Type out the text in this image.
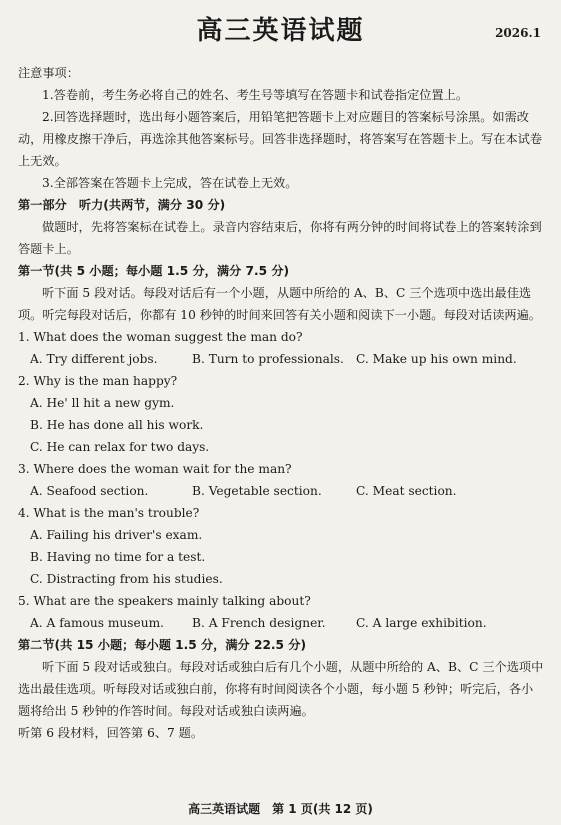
高三英语试题	2026.1

注意事项：

1.答卷前，考生务必将自己的姓名、考生号等填写在答题卡和试卷指定位置上。

2.回答选择题时，选出每小题答案后，用铅笔把答题卡上对应题目的答案标号涂黑。如需改动，用橡皮擦干净后，再选涂其他答案标号。回答非选择题时，将答案写在答题卡上。写在本试卷上无效。

3.全部答案在答题卡上完成，答在试卷上无效。

第一部分　听力(共两节，满分 30 分)

做题时，先将答案标在试卷上。录音内容结束后，你将有两分钟的时间将试卷上的答案转涂到答题卡上。

第一节(共 5 小题；每小题 1.5 分，满分 7.5 分)

听下面 5 段对话。每段对话后有一个小题，从题中所给的 A、B、C 三个选项中选出最佳选项。听完每段对话后，你都有 10 秒钟的时间来回答有关小题和阅读下一小题。每段对话读两遍。

1. What does the woman suggest the man do?

A. Try different jobs.	B. Turn to professionals. C. Make up his own mind.

2. Why is the man happy?

A. He' ll hit a new gym.

B. He has done all his work.

C. He can relax for two days.

3. Where does the woman wait for the man?

A. Seafood section.	B. Vegetable section.	C. Meat section.

4. What is the man's trouble?

A. Failing his driver's exam.

B. Having no time for a test.

C. Distracting from his studies.

5. What are the speakers mainly talking about?

A. A famous museum.	B. A French designer.	C. A large exhibition.

第二节(共 15 小题；每小题 1.5 分，满分 22.5 分)

听下面 5 段对话或独白。每段对话或独白后有几个小题，从题中所给的 A、B、C 三个选项中选出最佳选项。听每段对话或独白前，你将有时间阅读各个小题，每小题 5 秒钟；听完后，各小题将给出 5 秒钟的作答时间。每段对话或独白读两遍。

听第 6 段材料，回答第 6、7 题。

高三英语试题　第 1 页(共 12 页)
